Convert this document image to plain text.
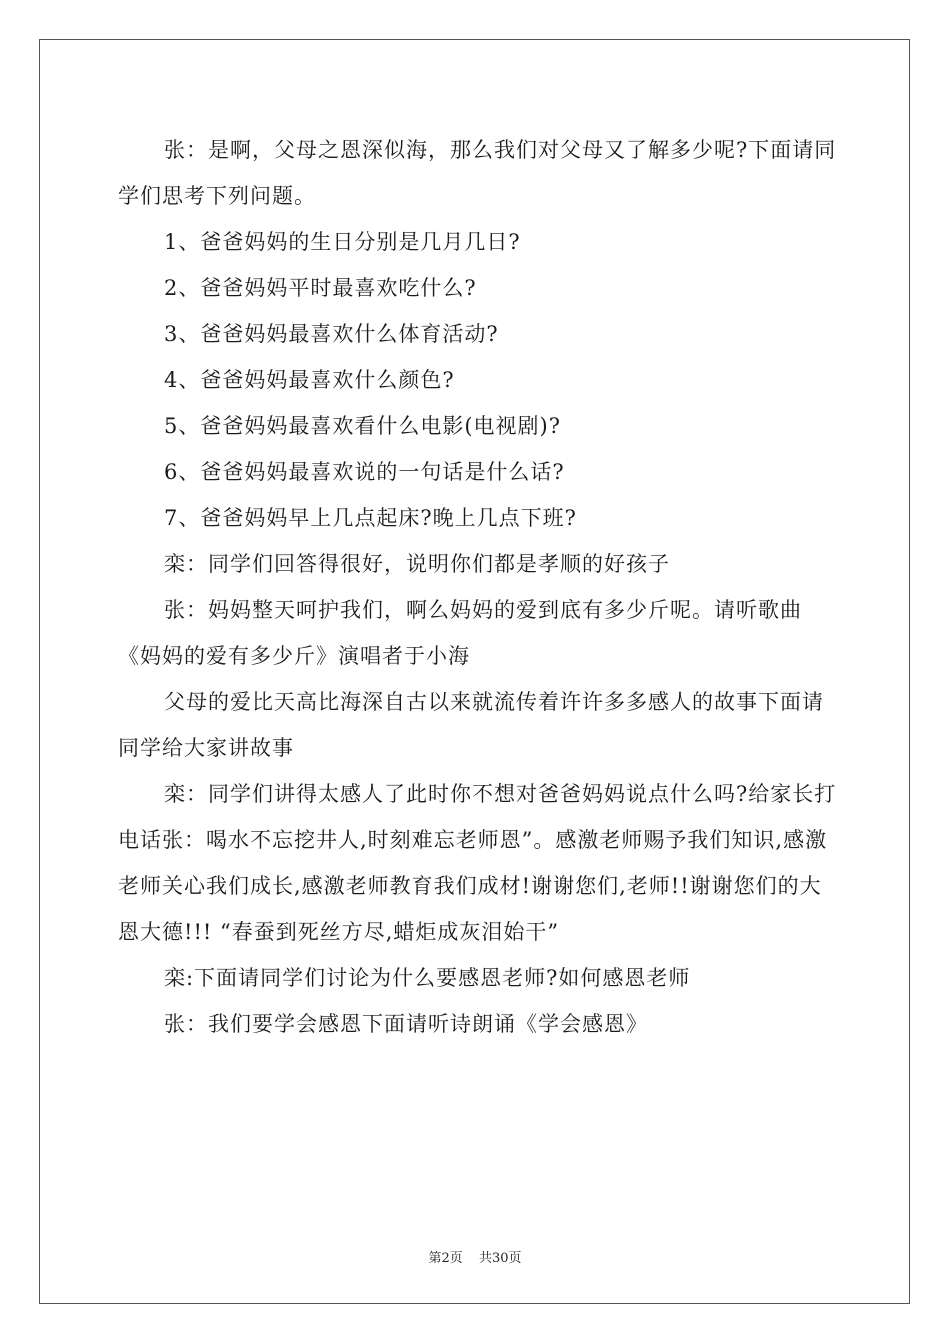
张：是啊，父母之恩深似海，那么我们对父母又了解多少呢?下面请同学们思考下列问题。

1、爸爸妈妈的生日分别是几月几日?

2、爸爸妈妈平时最喜欢吃什么?

3、爸爸妈妈最喜欢什么体育活动?

4、爸爸妈妈最喜欢什么颜色?

5、爸爸妈妈最喜欢看什么电影(电视剧)?

6、爸爸妈妈最喜欢说的一句话是什么话?

7、爸爸妈妈早上几点起床?晚上几点下班?

栾：同学们回答得很好，说明你们都是孝顺的好孩子

张：妈妈整天呵护我们，啊么妈妈的爱到底有多少斤呢。请听歌曲《妈妈的爱有多少斤》演唱者于小海

父母的爱比天高比海深自古以来就流传着许许多多感人的故事下面请同学给大家讲故事

栾：同学们讲得太感人了此时你不想对爸爸妈妈说点什么吗?给家长打电话张：喝水不忘挖井人,时刻难忘老师恩”。感激老师赐予我们知识,感激老师关心我们成长,感激老师教育我们成材!谢谢您们,老师!!谢谢您们的大恩大德!!! “春蚕到死丝方尽,蜡炬成灰泪始干”

栾:下面请同学们讨论为什么要感恩老师?如何感恩老师

张：我们要学会感恩下面请听诗朗诵《学会感恩》

第2页 共30页
